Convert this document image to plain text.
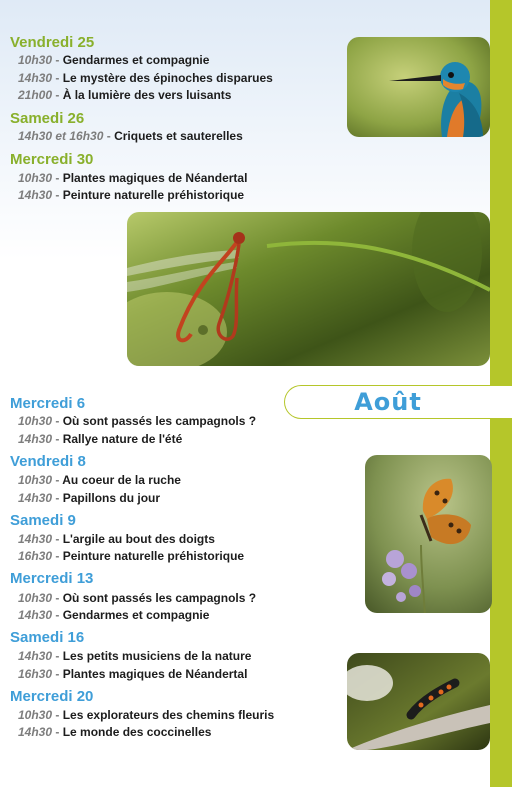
Vendredi 25
10h30 - Gendarmes et compagnie
14h30 - Le mystère des épinoches disparues
21h00 - À la lumière des vers luisants
Samedi 26
14h30 et 16h30 - Criquets et sauterelles
Mercredi 30
10h30 - Plantes magiques de Néandertal
14h30 - Peinture naturelle préhistorique
Août
Mercredi 6
10h30 - Où sont passés les campagnols ?
14h30 - Rallye nature de l'été
Vendredi 8
10h30 - Au coeur de la ruche
14h30 - Papillons du jour
Samedi 9
14h30 - L'argile au bout des doigts
16h30 - Peinture naturelle préhistorique
Mercredi 13
10h30 - Où sont passés les campagnols ?
14h30 - Gendarmes et compagnie
Samedi 16
14h30 - Les petits musiciens de la nature
16h30 - Plantes magiques de Néandertal
Mercredi 20
10h30 - Les explorateurs des chemins fleuris
14h30 - Le monde des coccinelles
